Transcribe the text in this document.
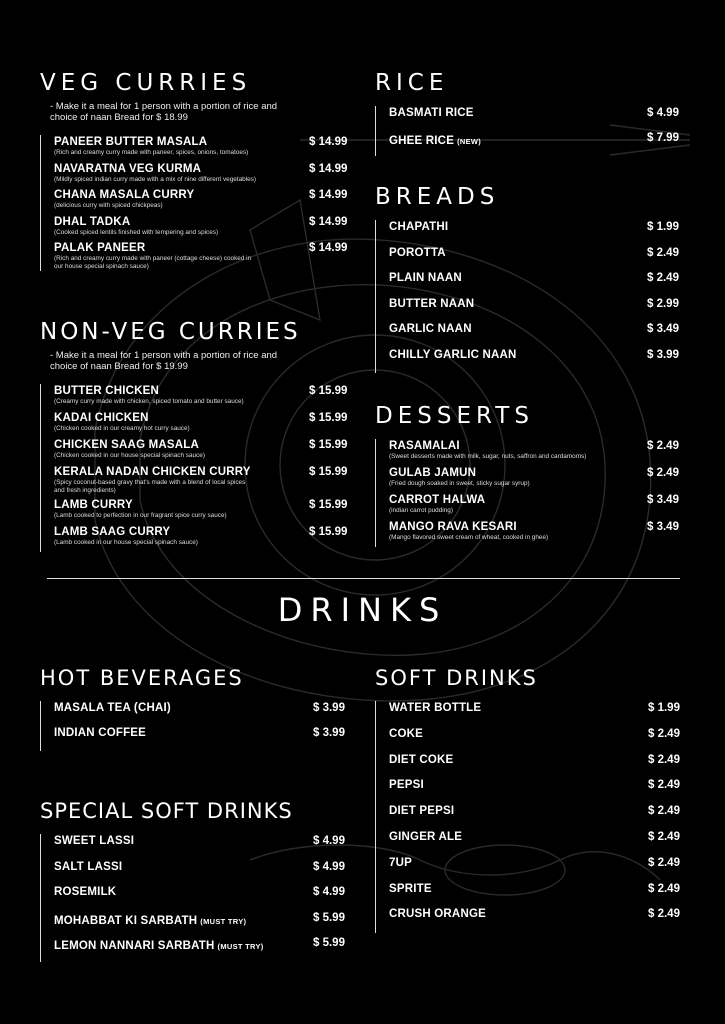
VEG CURRIES
- Make it a meal for 1 person with a portion of rice and
choice of naan Bread for $ 18.99
PANEER BUTTER MASALA
(Rich and creamy curry made with paneer, spices, onions, tomatoes)
$ 14.99
NAVARATNA VEG KURMA
(Mildly spiced indian curry made with a mix of nine different vegetables)
$ 14.99
CHANA MASALA CURRY
(delicious curry with spiced chickpeas)
$ 14.99
DHAL TADKA
(Cooked spiced lentils finished with tempering and spices)
$ 14.99
PALAK PANEER
(Rich and creamy curry made with paneer (cottage cheese) cooked in
our house special spinach sauce)
$ 14.99
NON-VEG CURRIES
- Make it a meal for 1 person with a portion of rice and
choice of naan Bread for $ 19.99
BUTTER CHICKEN
(Creamy curry made with chicken, spiced tomato and butter sauce)
$ 15.99
KADAI CHICKEN
(Chicken cooked in our creamy hot curry sauce)
$ 15.99
CHICKEN SAAG MASALA
(Chicken cooked in our house special spinach sauce)
$ 15.99
KERALA NADAN CHICKEN CURRY
(Spicy coconut-based gravy that's made with a blend of local spices
and fresh ingredients)
$ 15.99
LAMB CURRY
(Lamb cooked to perfection in our fragrant spice curry sauce)
$ 15.99
LAMB SAAG CURRY
(Lamb cooked in our house special spinach sauce)
$ 15.99
RICE
BASMATI RICE	$ 4.99
GHEE RICE (NEW)	$ 7.99
BREADS
CHAPATHI	$ 1.99
POROTTA	$ 2.49
PLAIN NAAN	$ 2.49
BUTTER NAAN	$ 2.99
GARLIC NAAN	$ 3.49
CHILLY GARLIC NAAN	$ 3.99
DESSERTS
RASAMALAI
(Sweet desserts made with milk, sugar, nuts, saffron and cardamoms)
$ 2.49
GULAB JAMUN
(Fried dough soaked in sweet, sticky sugar syrup)
$ 2.49
CARROT HALWA
(indian carrot pudding)
$ 3.49
MANGO RAVA KESARI
(Mango flavored sweet cream of wheat, cooked in ghee)
$ 3.49
DRINKS
HOT BEVERAGES
MASALA TEA (CHAI)	$ 3.99
INDIAN COFFEE	$ 3.99
SPECIAL SOFT DRINKS
SWEET LASSI	$ 4.99
SALT LASSI	$ 4.99
ROSEMILK	$ 4.99
MOHABBAT KI SARBATH (MUST TRY)	$ 5.99
LEMON NANNARI SARBATH (MUST TRY)	$ 5.99
SOFT DRINKS
WATER BOTTLE	$ 1.99
COKE	$ 2.49
DIET COKE	$ 2.49
PEPSI	$ 2.49
DIET PEPSI	$ 2.49
GINGER ALE	$ 2.49
7UP	$ 2.49
SPRITE	$ 2.49
CRUSH ORANGE	$ 2.49
